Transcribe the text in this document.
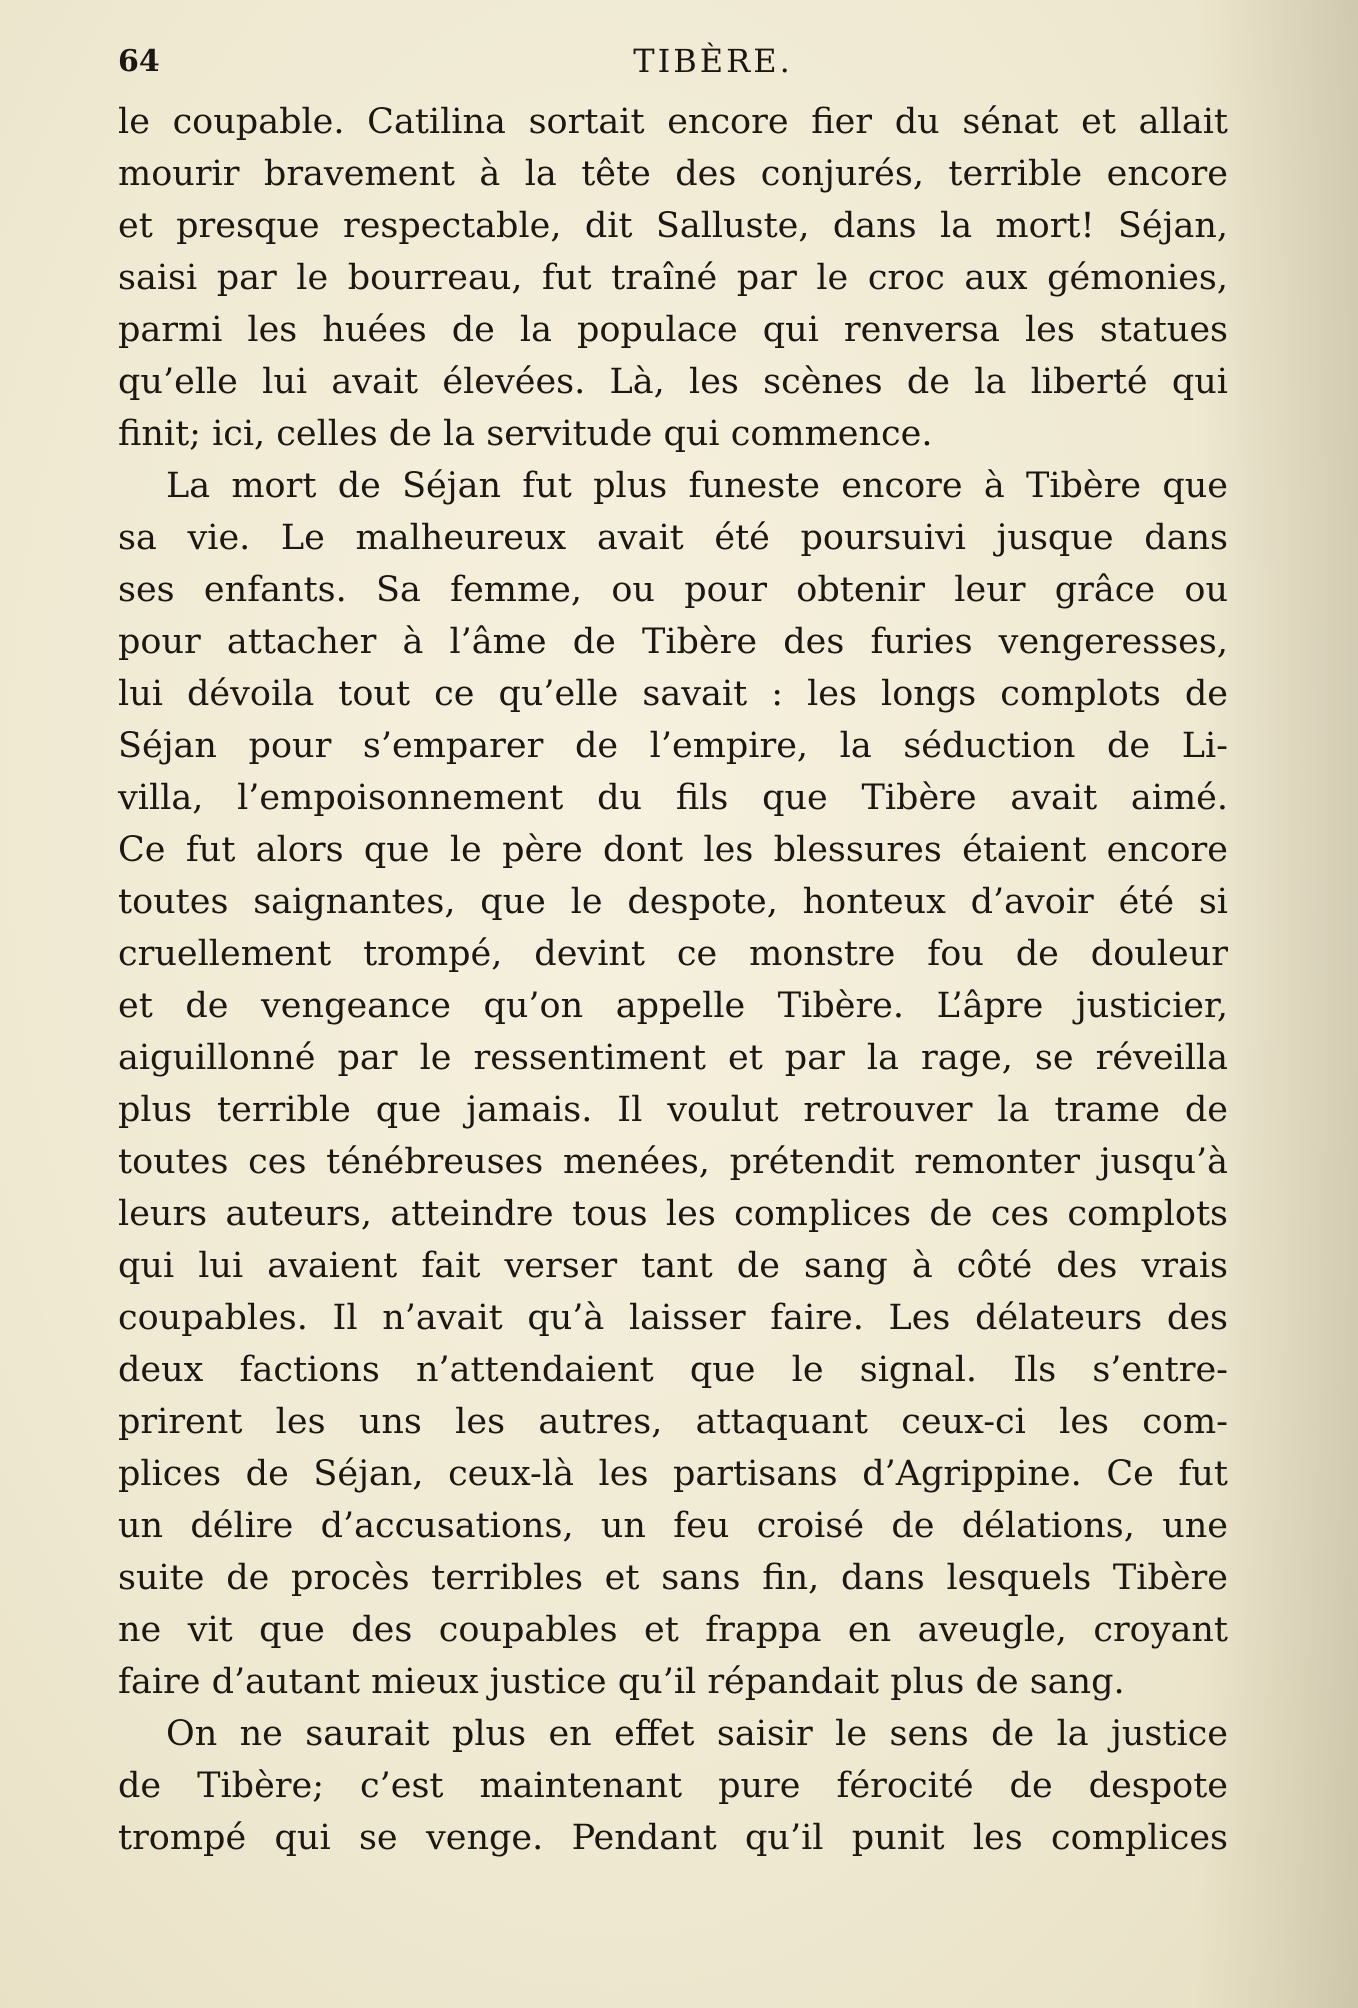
64	TIBÈRE.
le coupable. Catilina sortait encore fier du sénat et allait
mourir bravement à la tête des conjurés, terrible encore
et presque respectable, dit Salluste, dans la mort! Séjan,
saisi par le bourreau, fut traîné par le croc aux gémonies,
parmi les huées de la populace qui renversa les statues
qu’elle lui avait élevées. Là, les scènes de la liberté qui
finit; ici, celles de la servitude qui commence.
La mort de Séjan fut plus funeste encore à Tibère que
sa vie. Le malheureux avait été poursuivi jusque dans
ses enfants. Sa femme, ou pour obtenir leur grâce ou
pour attacher à l’âme de Tibère des furies vengeresses,
lui dévoila tout ce qu’elle savait : les longs complots de
Séjan pour s’emparer de l’empire, la séduction de Li-
villa, l’empoisonnement du fils que Tibère avait aimé.
Ce fut alors que le père dont les blessures étaient encore
toutes saignantes, que le despote, honteux d’avoir été si
cruellement trompé, devint ce monstre fou de douleur
et de vengeance qu’on appelle Tibère. L’âpre justicier,
aiguillonné par le ressentiment et par la rage, se réveilla
plus terrible que jamais. Il voulut retrouver la trame de
toutes ces ténébreuses menées, prétendit remonter jusqu’à
leurs auteurs, atteindre tous les complices de ces complots
qui lui avaient fait verser tant de sang à côté des vrais
coupables. Il n’avait qu’à laisser faire. Les délateurs des
deux factions n’attendaient que le signal. Ils s’entre-
prirent les uns les autres, attaquant ceux-ci les com-
plices de Séjan, ceux-là les partisans d’Agrippine. Ce fut
un délire d’accusations, un feu croisé de délations, une
suite de procès terribles et sans fin, dans lesquels Tibère
ne vit que des coupables et frappa en aveugle, croyant
faire d’autant mieux justice qu’il répandait plus de sang.
On ne saurait plus en effet saisir le sens de la justice
de Tibère; c’est maintenant pure férocité de despote
trompé qui se venge. Pendant qu’il punit les complices
